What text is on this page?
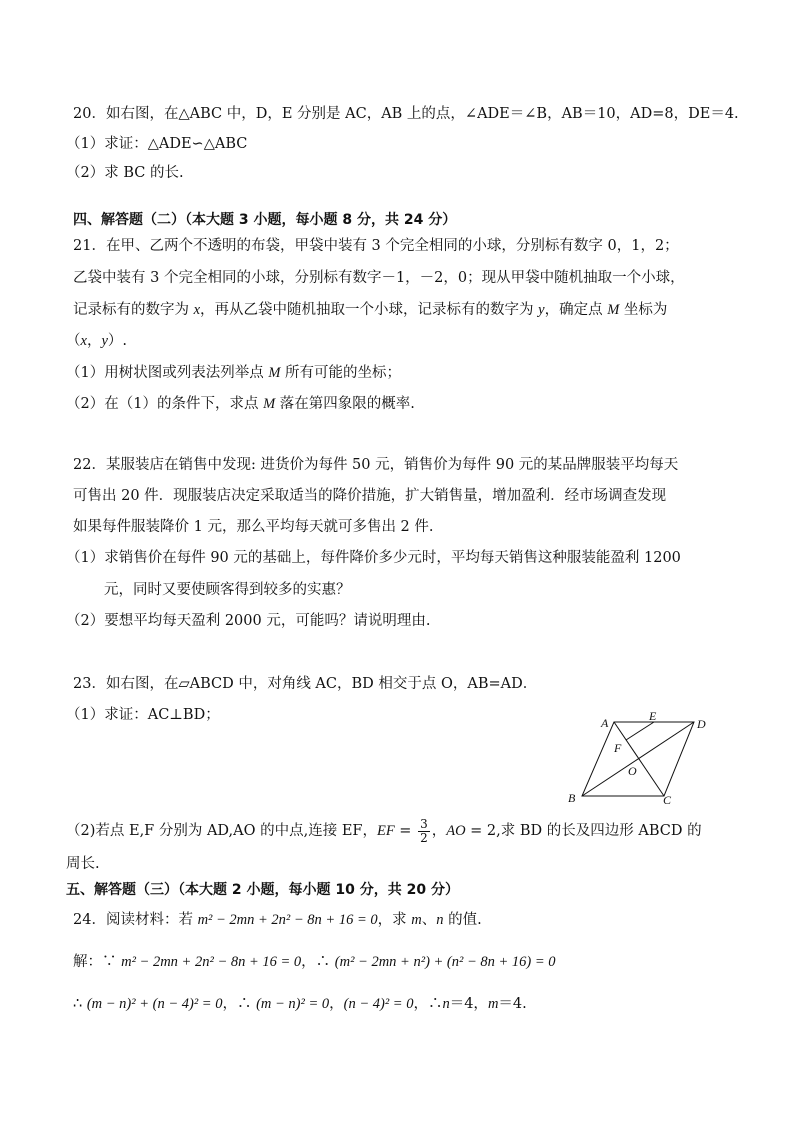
20．如右图，在△ABC 中，D，E 分别是 AC，AB 上的点，∠ADE＝∠B，AB＝10，AD=8，DE＝4.
（1）求证：△ADE∽△ABC
（2）求 BC 的长.
四、解答题（二）（本大题 3 小题，每小题 8 分，共 24 分）
21．在甲、乙两个不透明的布袋，甲袋中装有 3 个完全相同的小球，分别标有数字 0，1，2；
乙袋中装有 3 个完全相同的小球，分别标有数字－1，－2，0；现从甲袋中随机抽取一个小球，
记录标有的数字为 x，再从乙袋中随机抽取一个小球，记录标有的数字为 y，确定点 M 坐标为
（x，y）.
（1）用树状图或列表法列举点 M 所有可能的坐标；
（2）在（1）的条件下，求点 M 落在第四象限的概率.
22．某服装店在销售中发现: 进货价为每件 50 元，销售价为每件 90 元的某品牌服装平均每天
可售出 20 件．现服装店决定采取适当的降价措施，扩大销售量，增加盈利．经市场调查发现
如果每件服装降价 1 元，那么平均每天就可多售出 2 件.
（1）求销售价在每件 90 元的基础上，每件降价多少元时，平均每天销售这种服装能盈利 1200
元，同时又要使顾客得到较多的实惠？
（2）要想平均每天盈利 2000 元，可能吗？请说明理由.
23．如右图，在▱ABCD 中，对角线 AC，BD 相交于点 O，AB=AD．
（1）求证：AC⊥BD；	A	E
D
F
O
B	C
（2)若点 E,F 分别为 AD,AO 的中点,连接 EF，EF = $\frac{3}{2}$ ，AO = 2,求 BD 的长及四边形 ABCD 的
周长.
五、解答题（三）（本大题 2 小题，每小题 10 分，共 20 分）
24．阅读材料：若 m² − 2mn + 2n² − 8n + 16 = 0，求 m、n 的值.
解：∵ m² − 2mn + 2n² − 8n + 16 = 0，∴ (m² − 2mn + n²) + (n² − 8n + 16) = 0
∴ (m − n)² + (n − 4)² = 0，∴ (m − n)² = 0，(n − 4)² = 0，∴n＝4，m＝4.
